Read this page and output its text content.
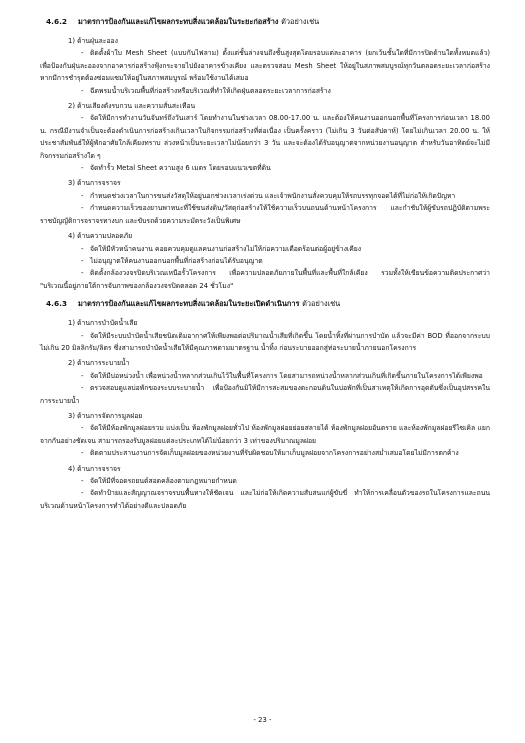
4.6.2 มาตรการป้องกันและแก้ไขผลกระทบสิ่งแวดล้อมในระยะก่อสร้าง ตัวอย่างเช่น
1) ด้านฝุ่นละออง
- ติดตั้งผ้าใบ Mesh Sheet (แบบกันไฟลาม) ตั้งแต่ชั้นล่างจนถึงชั้นสูงสุดโดยรอบแต่ละอาคาร (ยกเว้นชั้นใดที่มีการปิดด้านใดทั้งหมดแล้ว) เพื่อป้องกันฝุ่นละอองจากอาคารก่อสร้างฟุ้งกระจายไปยังอาคารข้างเคียง และตรวจสอบ Mesh Sheet ให้อยู่ในสภาพสมบูรณ์ทุกวันตลอดระยะเวลาก่อสร้าง หากมีการชำรุดต้องซ่อมแซมให้อยู่ในสภาพสมบูรณ์ พร้อมใช้งานได้เสมอ
- ฉีดพรมน้ำบริเวณพื้นที่ก่อสร้างหรือบริเวณที่ทำให้เกิดฝุ่นตลอดระยะเวลาการก่อสร้าง
2) ด้านเสียงดังรบกวน และความสั่นสะเทือน
- จัดให้มีการทำงานวันจันทร์ถึงวันเสาร์ โดยทำงานในช่วงเวลา 08.00-17.00 น. และต้องให้คนงานออกนอกพื้นที่โครงการก่อนเวลา 18.00 น. กรณีมีงานจำเป็นจะต้องดำเนินการก่อสร้างเกินเวลาในกิจกรรมก่อสร้างที่ต่อเนื่อง เป็นครั้งคราว (ไม่เกิน 3 วันต่อสัปดาห์) โดยไม่เกินเวลา 20.00 น. ให้ประชาสัมพันธ์ให้ผู้พักอาศัยใกล้เคียงทราบ ล่วงหน้าเป็นระยะเวลาไม่น้อยกว่า 3 วัน และจะต้องได้รับอนุญาตจากหน่วยงานอนุญาต สำหรับวันอาทิตย์จะไม่มีกิจกรรมก่อสร้างใด ๆ
- จัดทำรั้ว Metal Sheet ความสูง 6 เมตร โดยรอบแนวเขตที่ดิน
3) ด้านการจราจร
- กำหนดช่วงเวลาในการขนส่งวัสดุให้อยู่นอกช่วงเวลาเร่งด่วน และเจ้าพนักงานสั่งควบคุมให้รถบรรทุกจอดได้ที่ไม่ก่อให้เกิดปัญหา
- กำหนดความเร็วของยานพาหนะที่ใช้ขนส่งดิน/วัสดุก่อสร้างให้ใช้ความเร็วบนถนนด้านหน้าโครงการ และกำชับให้ผู้ขับรถปฏิบัติตามพระราชบัญญัติการจราจรทางบก และขับรถด้วยความระมัดระวังเป็นพิเศษ
4) ด้านความปลอดภัย
- จัดให้มีหัวหน้าคนงาน คอยควบคุมดูแลคนงานก่อสร้างไม่ให้ก่อความเดือดร้อนต่อผู้อยู่ข้างเคียง
- ไม่อนุญาตให้คนงานออกนอกพื้นที่ก่อสร้างก่อนได้รับอนุญาต
- ติดตั้งกล้องวงจรปิดบริเวณเหนือรั้วโครงการ เพื่อความปลอดภัยภายในพื้นที่และพื้นที่ใกล้เคียง รวมทั้งให้เขียนข้อความติดประกาศว่า "บริเวณนี้อยู่ภายใต้การจับภาพของกล้องวงจรปิดตลอด 24 ชั่วโมง"
4.6.3 มาตรการป้องกันและแก้ไขผลกระทบสิ่งแวดล้อมในระยะเปิดดำเนินการ ตัวอย่างเช่น
1) ด้านการบำบัดน้ำเสีย
- จัดให้มีระบบบำบัดน้ำเสียชนิดเติมอากาศให้เพียงพอต่อปริมาณน้ำเสียที่เกิดขึ้น โดยน้ำทิ้งที่ผ่านการบำบัด แล้วจะมีค่า BOD ที่ออกจากระบบไม่เกิน 20 มิลลิกรัม/ลิตร ซึ่งสามารถบำบัดน้ำเสียให้มีคุณภาพตามมาตรฐาน น้ำทิ้ง ก่อนระบายออกสู่ท่อระบายน้ำภายนอกโครงการ
2) ด้านการระบายน้ำ
- จัดให้มีบ่อหน่วงน้ำ เพื่อหน่วงน้ำหลากส่วนเกินไว้ในพื้นที่โครงการ โดยสามารถหน่วงน้ำหลากส่วนเกินที่เกิดขึ้นภายในโครงการได้เพียงพอ
- ตรวจสอบดูแลบ่อพักของระบบระบายน้ำ เพื่อป้องกันมิให้มีการสะสมของตะกอนดินในบ่อพักที่เป็นสาเหตุให้เกิดการอุดตันซึ่งเป็นอุปสรรคในการระบายน้ำ
3) ด้านการจัดการมูลฝอย
- จัดให้มีห้องพักมูลฝอยรวม แบ่งเป็น ห้องพักมูลฝอยทั่วไป ห้องพักมูลฝอยย่อยสลายได้ ห้องพักมูลฝอยอันตราย และห้องพักมูลฝอยรีไซเคิล แยกจากกันอย่างชัดเจน สามารถรองรับมูลฝอยแต่ละประเภทได้ไม่น้อยกว่า 3 เท่าของปริมาณมูลฝอย
- ติดตามประสานงานการจัดเก็บมูลฝอยของหน่วยงานที่รับผิดชอบให้มาเก็บมูลฝอยจากโครงการอย่างสม่ำเสมอโดยไม่มีการตกค้าง
4) ด้านการจราจร
- จัดให้มีที่จอดรถยนต์สอดคล้องตามกฎหมายกำหนด
- จัดทำป้ายและสัญญาณจราจรบนพื้นทางให้ชัดเจน และไม่ก่อให้เกิดความสับสนแก่ผู้ขับขี่ ทำให้การเคลื่อนตัวของรถในโครงการและถนนบริเวณด้านหน้าโครงการทำได้อย่างดีและปลอดภัย
- 23 -
